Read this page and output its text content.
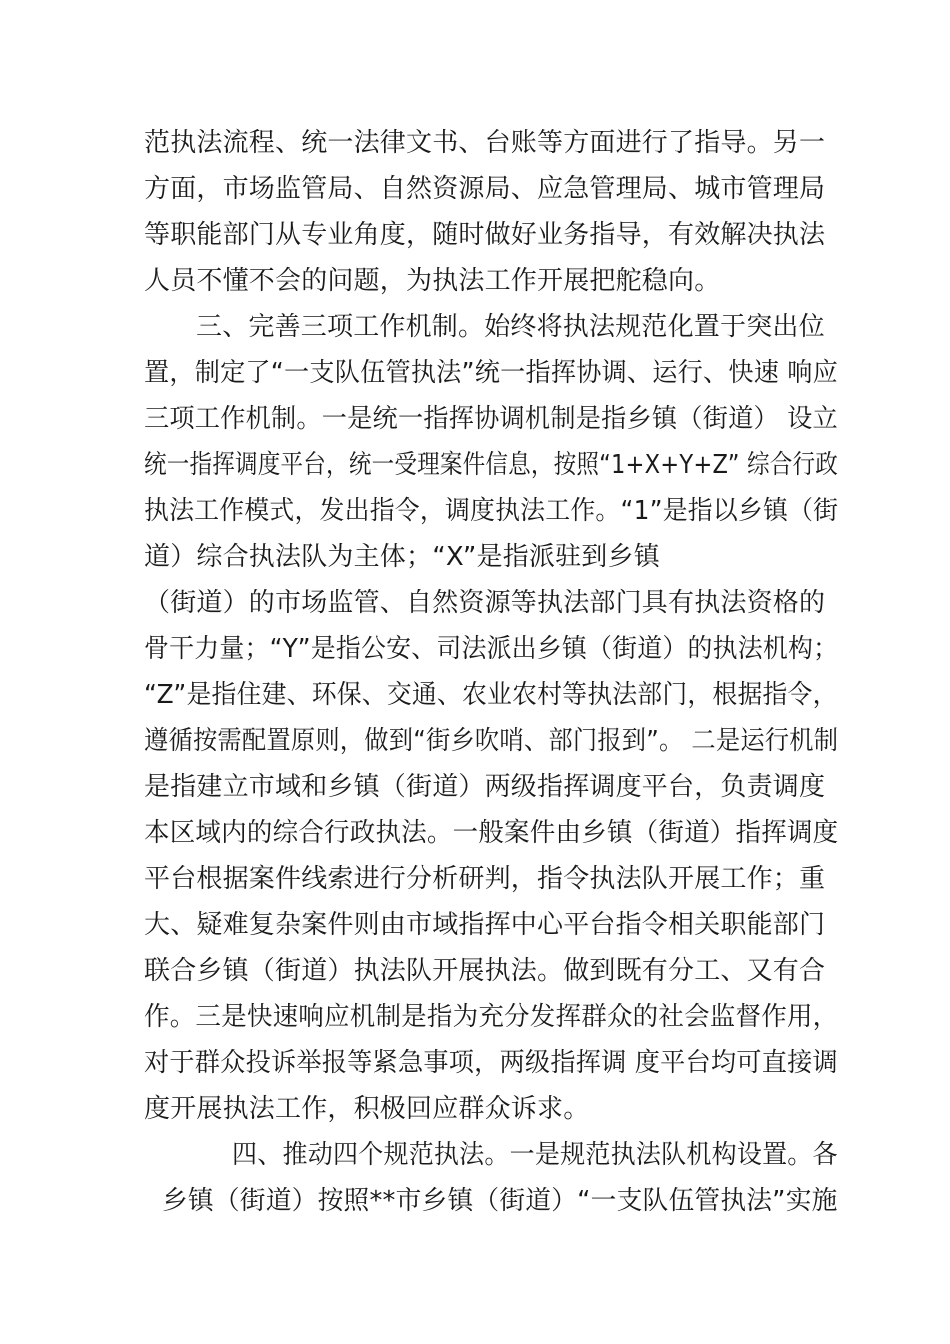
范执法流程、统一法律文书、台账等方面进行了指导。另一
方面，市场监管局、自然资源局、应急管理局、城市管理局
等职能部门从专业角度，随时做好业务指导，有效解决执法
人员不懂不会的问题，为执法工作开展把舵稳向。
三、完善三项工作机制。始终将执法规范化置于突出位
置，制定了“一支队伍管执法”统一指挥协调、运行、快速 响应
三项工作机制。一是统一指挥协调机制是指乡镇（街道） 设立
统一指挥调度平台，统一受理案件信息，按照“1+X+Y+Z” 综合行政
执法工作模式，发出指令，调度执法工作。“1”是指以乡镇（街
道）综合执法队为主体；“X”是指派驻到乡镇
（街道）的市场监管、自然资源等执法部门具有执法资格的
骨干力量；“Y”是指公安、司法派出乡镇（街道）的执法机构；
“Z”是指住建、环保、交通、农业农村等执法部门，根据指令，
遵循按需配置原则，做到“街乡吹哨、部门报到”。 二是运行机制
是指建立市域和乡镇（街道）两级指挥调度平台，负责调度
本区域内的综合行政执法。一般案件由乡镇（街道）指挥调度
平台根据案件线索进行分析研判，指令执法队开展工作；重
大、疑难复杂案件则由市域指挥中心平台指令相关职能部门
联合乡镇（街道）执法队开展执法。做到既有分工、又有合
作。三是快速响应机制是指为充分发挥群众的社会监督作用，
对于群众投诉举报等紧急事项，两级指挥调 度平台均可直接调
度开展执法工作，积极回应群众诉求。
四、推动四个规范执法。一是规范执法队机构设置。各
乡镇（街道）按照**市乡镇（街道）“一支队伍管执法”实施
